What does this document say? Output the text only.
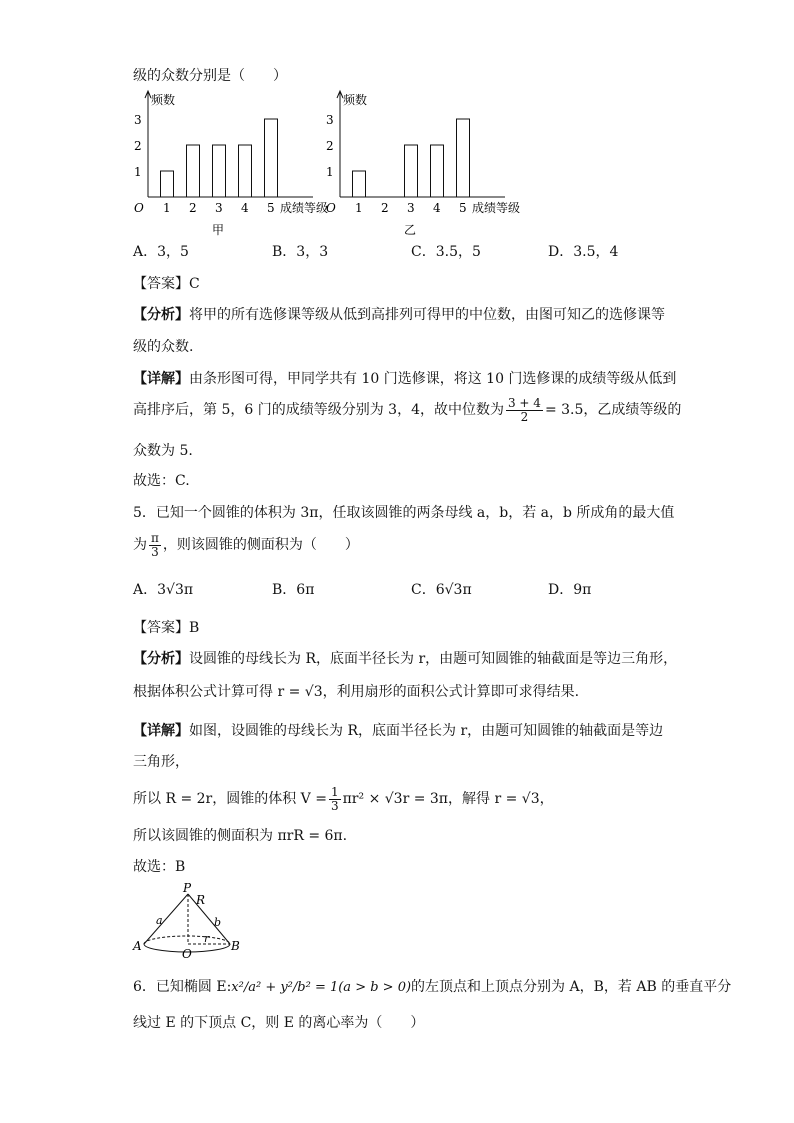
级的众数分别是（　　）
频数
O
1
2
3
1 2 3 4 5 成绩等级
甲
频数
O
1
2
3
1 2 3 4 5 成绩等级
乙
A．3，5	B．3，3	C．3.5，5	D．3.5，4
【答案】C
【分析】将甲的所有选修课等级从低到高排列可得甲的中位数，由图可知乙的选修课等
级的众数.
【详解】由条形图可得，甲同学共有 10 门选修课，将这 10 门选修课的成绩等级从低到
高排序后，第 5，6 门的成绩等级分别为 3，4，故中位数为 $\frac{3 + 4}{2} = 3.5$，乙成绩等级的
众数为 5.
故选：C.
5．已知一个圆锥的体积为 3π，任取该圆锥的两条母线 a，b，若 a，b 所成角的最大值
为 $\frac{\pi}{3}$ ，则该圆锥的侧面积为（　　）
A．3√3π	B．6π	C．6√3π	D．9π
【答案】B
【分析】设圆锥的母线长为 R，底面半径长为 r，由题可知圆锥的轴截面是等边三角形，
根据体积公式计算可得 r = √3，利用扇形的面积公式计算即可求得结果.
【详解】如图，设圆锥的母线长为 R，底面半径长为 r，由题可知圆锥的轴截面是等边
三角形，
所以 R = 2r，圆锥的体积 $V = \frac{1}{3} \pi r^2 \times √3r = 3\pi$，解得 r = √3，
所以该圆锥的侧面积为 πrR = 6π.
故选：B
P
R
a	b
A	B
O
r
6．已知椭圆 E:x²/a² + y²/b² = 1(a > b > 0)的左顶点和上顶点分别为 A，B，若 AB 的垂直平分
线过 E 的下顶点 C，则 E 的离心率为（　　）
